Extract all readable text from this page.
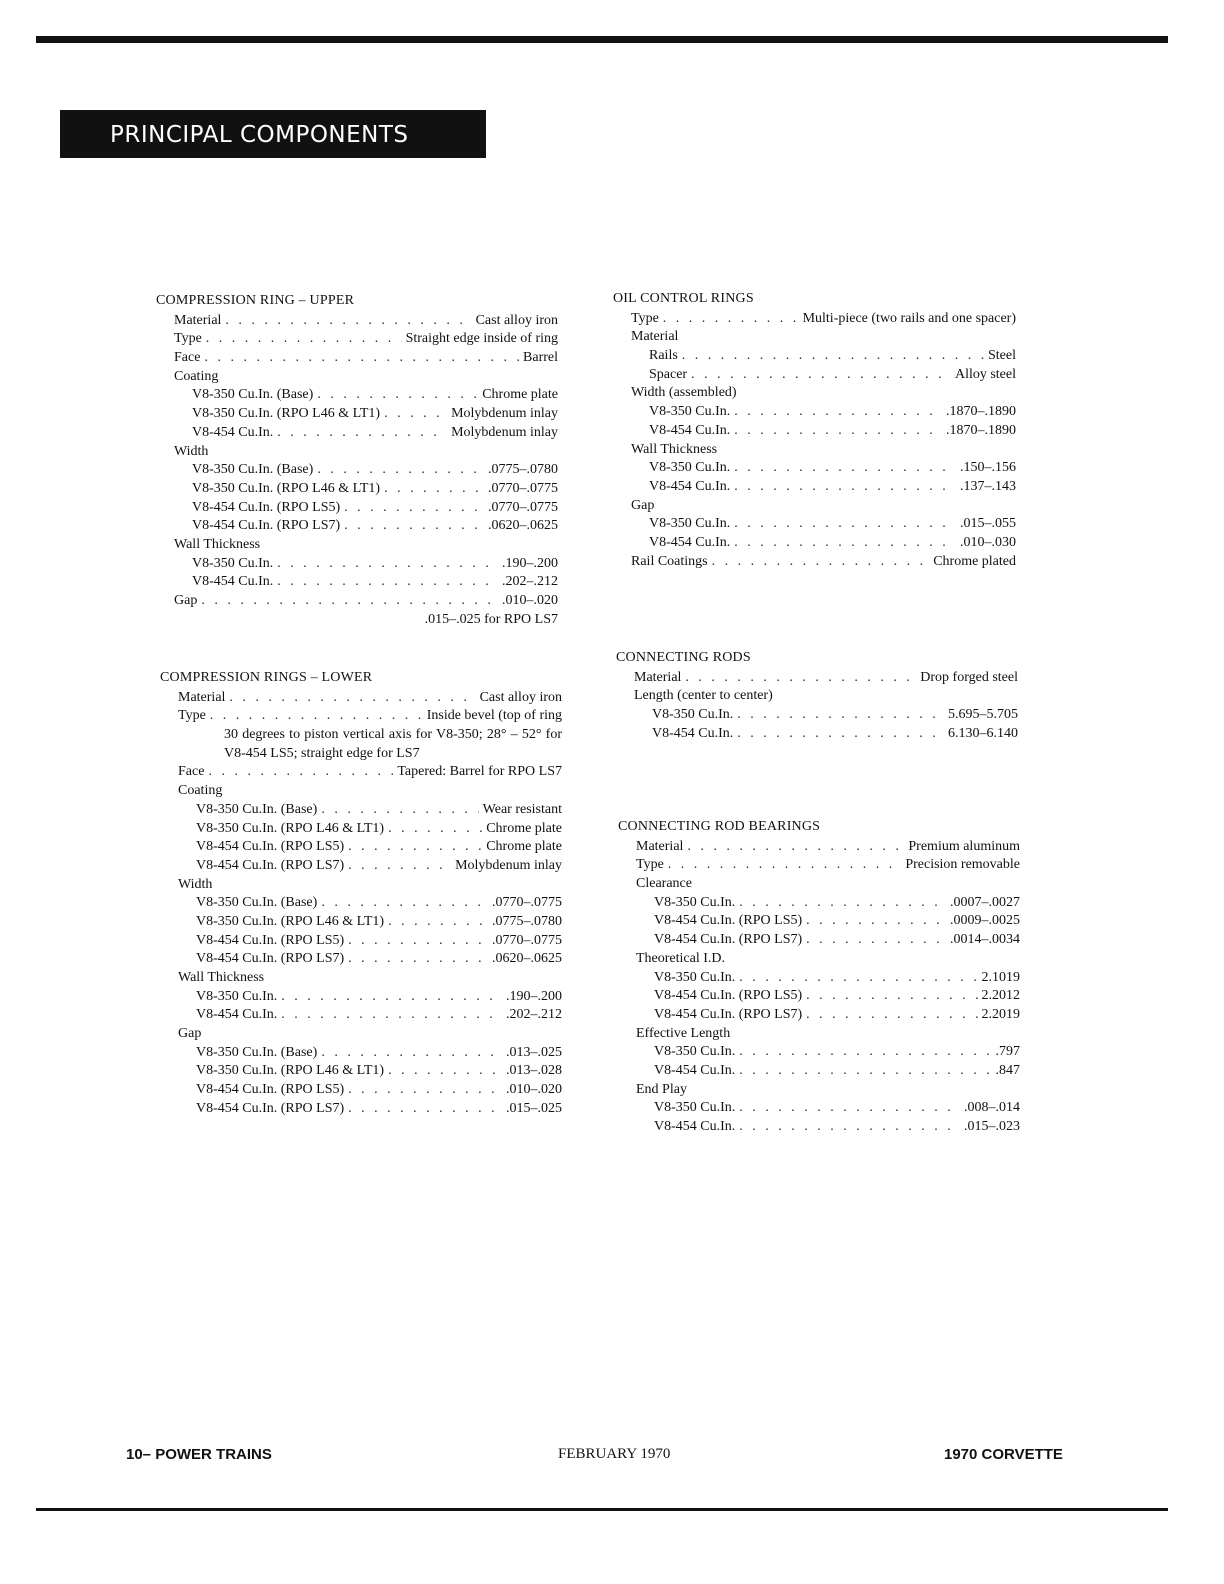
PRINCIPAL COMPONENTS
COMPRESSION RING – UPPER
Material . . .	Cast alloy iron
Type . . .	Straight edge inside of ring
Face . . .	Barrel
Coating
V8-350 Cu.In. (Base) . . .	Chrome plate
V8-350 Cu.In. (RPO L46 & LT1) . . .	Molybdenum inlay
V8-454 Cu.In. . . .	Molybdenum inlay
Width
V8-350 Cu.In. (Base) . . .	.0775–.0780
V8-350 Cu.In. (RPO L46 & LT1) . . .	.0770–.0775
V8-454 Cu.In. (RPO LS5) . . .	.0770–.0775
V8-454 Cu.In. (RPO LS7) . . .	.0620–.0625
Wall Thickness
V8-350 Cu.In. . . .	.190–.200
V8-454 Cu.In. . . .	.202–.212
Gap . . .	.010–.020
.015–.025 for RPO LS7
COMPRESSION RINGS – LOWER
Material . . .	Cast alloy iron
Type . . .	Inside bevel (top of ring
30 degrees to piston vertical axis for V8-350; 28° – 52° for V8-454 LS5; straight edge for LS7
Face . . .	Tapered: Barrel for RPO LS7
Coating
V8-350 Cu.In. (Base) . . .	Wear resistant
V8-350 Cu.In. (RPO L46 & LT1) . . .	Chrome plate
V8-454 Cu.In. (RPO LS5) . . .	Chrome plate
V8-454 Cu.In. (RPO LS7) . . .	Molybdenum inlay
Width
V8-350 Cu.In. (Base) . . .	.0770–.0775
V8-350 Cu.In. (RPO L46 & LT1) . . .	.0775–.0780
V8-454 Cu.In. (RPO LS5) . . .	.0770–.0775
V8-454 Cu.In. (RPO LS7) . . .	.0620–.0625
Wall Thickness
V8-350 Cu.In. . . .	.190–.200
V8-454 Cu.In. . . .	.202–.212
Gap
V8-350 Cu.In. (Base) . . .	.013–.025
V8-350 Cu.In. (RPO L46 & LT1) . . .	.013–.028
V8-454 Cu.In. (RPO LS5) . . .	.010–.020
V8-454 Cu.In. (RPO LS7) . . .	.015–.025
OIL CONTROL RINGS
Type . . .	Multi-piece (two rails and one spacer)
Material
Rails . . .	Steel
Spacer . . .	Alloy steel
Width (assembled)
V8-350 Cu.In. . . .	.1870–.1890
V8-454 Cu.In. . . .	.1870–.1890
Wall Thickness
V8-350 Cu.In. . . .	.150–.156
V8-454 Cu.In. . . .	.137–.143
Gap
V8-350 Cu.In. . . .	.015–.055
V8-454 Cu.In. . . .	.010–.030
Rail Coatings . . .	Chrome plated
CONNECTING RODS
Material . . .	Drop forged steel
Length (center to center)
V8-350 Cu.In. . . .	5.695–5.705
V8-454 Cu.In. . . .	6.130–6.140
CONNECTING ROD BEARINGS
Material . . .	Premium aluminum
Type . . .	Precision removable
Clearance
V8-350 Cu.In. . . .	.0007–.0027
V8-454 Cu.In. (RPO LS5) . . .	.0009–.0025
V8-454 Cu.In. (RPO LS7) . . .	.0014–.0034
Theoretical I.D.
V8-350 Cu.In. . . .	2.1019
V8-454 Cu.In. (RPO LS5) . . .	2.2012
V8-454 Cu.In. (RPO LS7) . . .	2.2019
Effective Length
V8-350 Cu.In. . . .	.797
V8-454 Cu.In. . . .	.847
End Play
V8-350 Cu.In. . . .	.008–.014
V8-454 Cu.In. . . .	.015–.023
10– POWER TRAINS	FEBRUARY 1970	1970 CORVETTE
